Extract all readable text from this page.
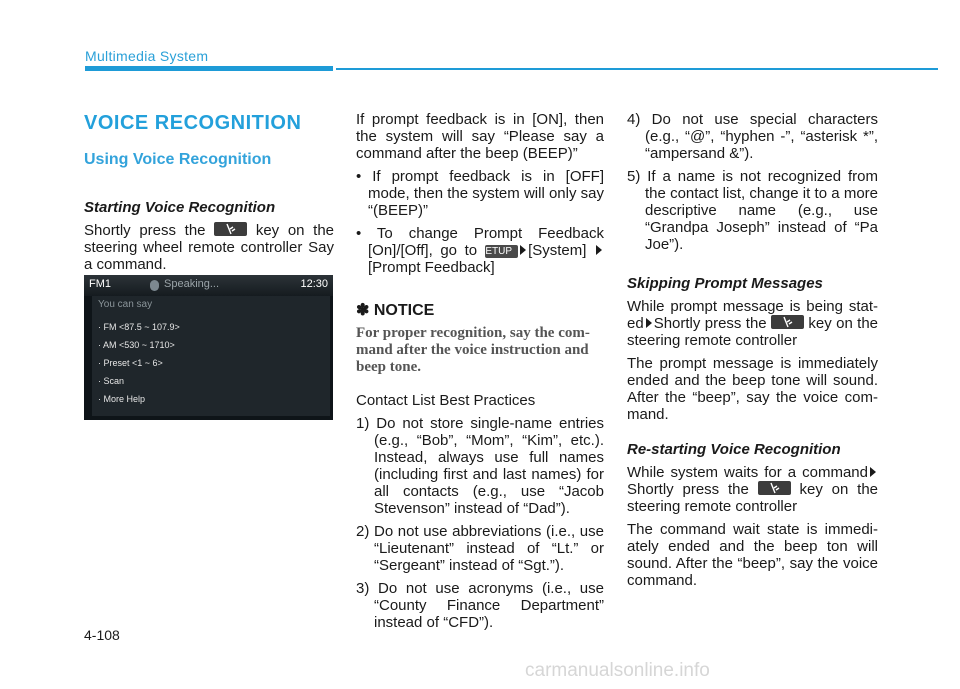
Multimedia System
VOICE RECOGNITION
Using Voice Recognition
Starting Voice Recognition

Shortly press the	key on the steering wheel remote controller Say a command.

FM1	Speaking...	12:30
You can say
· FM <87.5 ~ 107.9>
· AM <530 ~ 1710>
· Preset <1 ~ 6>
· Scan
· More Help

If prompt feedback is in [ON], then the system will say “Please say a command after the beep (BEEP)”

• If prompt feedback is in [OFF] mode, then the system will only say “(BEEP)”
• To change Prompt Feedback [On]/[Off], go to SETUP [System] [Prompt Feedback]
✽ NOTICE
For proper recognition, say the com-mand after the voice instruction and beep tone.

Contact List Best Practices

1) Do not store single-name entries (e.g., “Bob”, “Mom”, “Kim”, etc.). Instead, always use full names (including first and last names) for all contacts (e.g., use “Jacob Stevenson” instead of “Dad”).
2) Do not use abbreviations (i.e., use “Lieutenant” instead of “Lt.” or “Sergeant” instead of “Sgt.”).
3) Do not use acronyms (i.e., use “County Finance Department” instead of “CFD”).
4) Do not use special characters (e.g., “@”, “hyphen -”, “asterisk *”, “ampersand &”).
5) If a name is not recognized from the contact list, change it to a more descriptive name (e.g., use “Grandpa Joseph” instead of “Pa Joe”).
Skipping Prompt Messages

While prompt message is being stat-ed Shortly press the	key on the steering remote controller

The prompt message is immediately ended and the beep tone will sound. After the “beep”, say the voice com-mand.

Re-starting Voice Recognition

While system waits for a command Shortly press the	key on the steering remote controller

The command wait state is immedi-ately ended and the beep ton will sound. After the “beep”, say the voice command.

4-108
carmanualsonline.info
